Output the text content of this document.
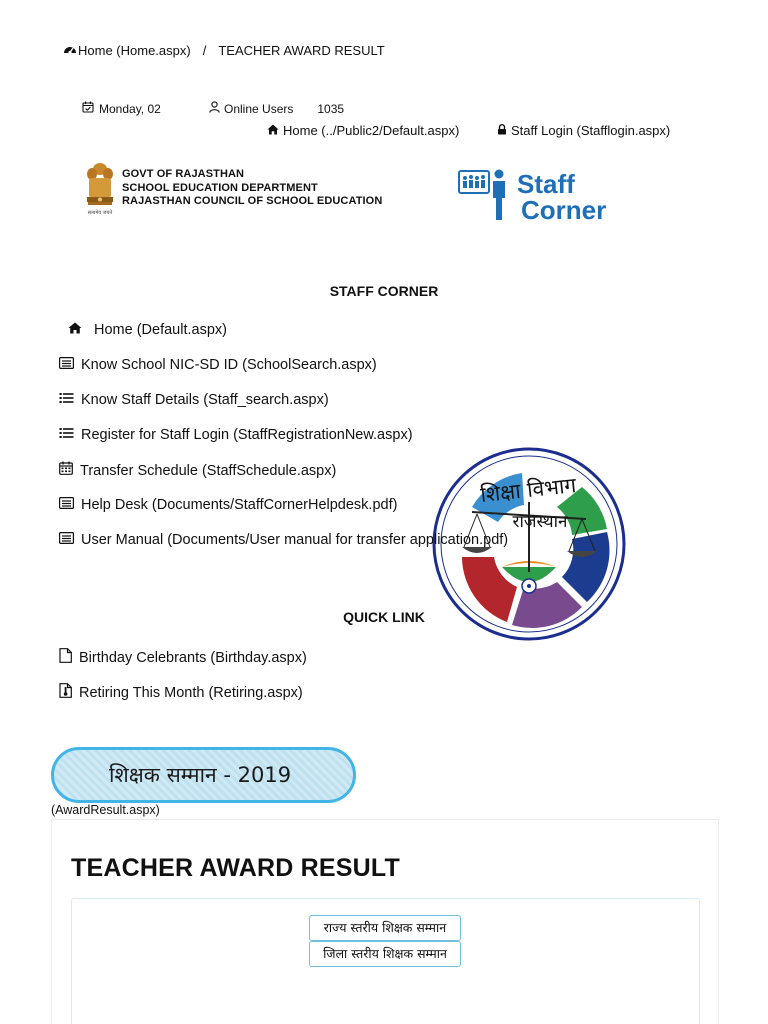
Home (Home.aspx) / TEACHER AWARD RESULT
Monday, 02	Online Users 1035
Home (../Public2/Default.aspx)	Staff Login (Stafflogin.aspx)
सत्यमेव जयते
GOVT OF RAJASTHAN
SCHOOL EDUCATION DEPARTMENT
RAJASTHAN COUNCIL OF SCHOOL EDUCATION
Staff
Corner
STAFF CORNER
शिक्षा विभाग
राजस्थान
Home (Default.aspx)
Know School NIC-SD ID (SchoolSearch.aspx)
Know Staff Details (Staff_search.aspx)
Register for Staff Login (StaffRegistrationNew.aspx)
Transfer Schedule (StaffSchedule.aspx)
Help Desk (Documents/StaffCornerHelpdesk.pdf)
User Manual (Documents/User manual for transfer application.pdf)
QUICK LINK
Birthday Celebrants (Birthday.aspx)
Retiring This Month (Retiring.aspx)
शिक्षक सम्मान - 2019
(AwardResult.aspx)
TEACHER AWARD RESULT
राज्य स्तरीय शिक्षक सम्मान
जिला स्तरीय शिक्षक सम्मान
